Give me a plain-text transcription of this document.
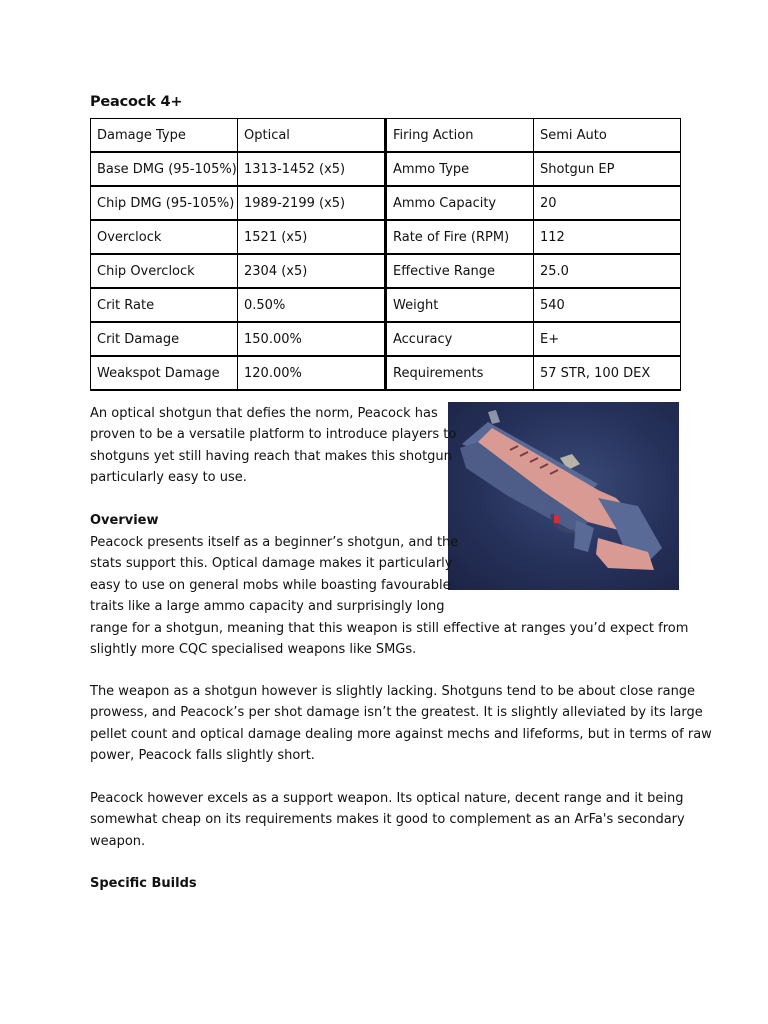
Peacock 4+
Damage Type	Optical	Firing Action	Semi Auto
Base DMG (95-105%)	1313-1452 (x5)	Ammo Type	Shotgun EP
Chip DMG (95-105%)	1989-2199 (x5)	Ammo Capacity	20
Overclock	1521 (x5)	Rate of Fire (RPM)	112
Chip Overclock	2304 (x5)	Effective Range	25.0
Crit Rate	0.50%	Weight	540
Crit Damage	150.00%	Accuracy	E+
Weakspot Damage	120.00%	Requirements	57 STR, 100 DEX
An optical shotgun that defies the norm, Peacock has
proven to be a versatile platform to introduce players to
shotguns yet still having reach that makes this shotgun
particularly easy to use.
Overview
Peacock presents itself as a beginner’s shotgun, and the
stats support this. Optical damage makes it particularly
easy to use on general mobs while boasting favourable
traits like a large ammo capacity and surprisingly long
range for a shotgun, meaning that this weapon is still effective at ranges you’d expect from
slightly more CQC specialised weapons like SMGs.
The weapon as a shotgun however is slightly lacking. Shotguns tend to be about close range
prowess, and Peacock’s per shot damage isn’t the greatest. It is slightly alleviated by its large
pellet count and optical damage dealing more against mechs and lifeforms, but in terms of raw
power, Peacock falls slightly short.
Peacock however excels as a support weapon. Its optical nature, decent range and it being
somewhat cheap on its requirements makes it good to complement as an ArFa's secondary
weapon.
Specific Builds
